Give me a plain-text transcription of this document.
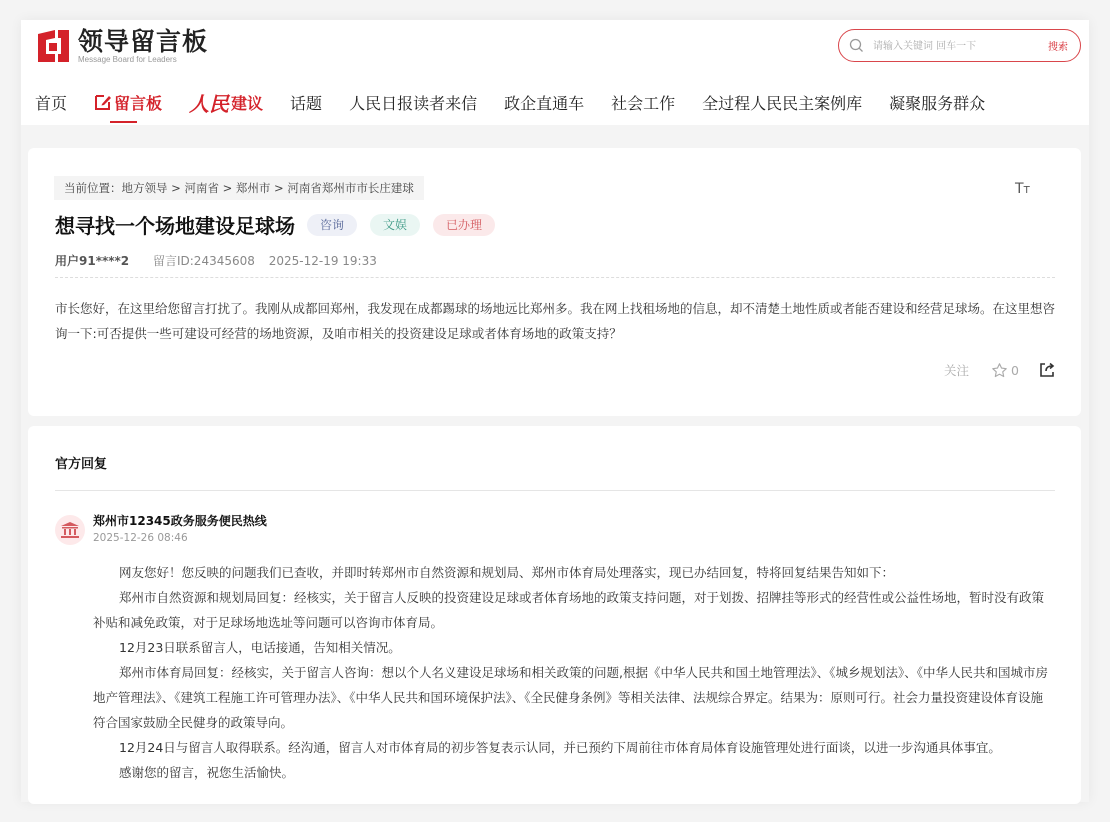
领导留言板
Message Board for Leaders
请输入关键词 回车一下
搜索
首页	留言板 人民 建议 话题 人民日报读者来信 政企直通车 社会工作 全过程人民民主案例库 凝聚服务群众
当前位置：地方领导 > 河南省 > 郑州市 > 河南省郑州市市长庄建球	TT
想寻找一个场地建设足球场	咨询	文娱	已办理
用户91****2 留言ID:24345608 2025-12-19 19:33
市长您好，在这里给您留言打扰了。我刚从成都回郑州，我发现在成都踢球的场地远比郑州多。我在网上找租场地的信息，却不清楚土地性质或者能否建设和经营足球场。在这里想咨询一下:可否提供一些可建设可经营的场地资源，及咱市相关的投资建设足球或者体育场地的政策支持？
关注	0
官方回复
郑州市12345政务服务便民热线
2025-12-26 08:46

网友您好！您反映的问题我们已查收，并即时转郑州市自然资源和规划局、郑州市体育局处理落实，现已办结回复，特将回复结果告知如下：

郑州市自然资源和规划局回复：经核实，关于留言人反映的投资建设足球或者体育场地的政策支持问题，对于划拨、招牌挂等形式的经营性或公益性场地，暂时没有政策补贴和减免政策，对于足球场地选址等问题可以咨询市体育局。

12月23日联系留言人，电话接通，告知相关情况。

郑州市体育局回复：经核实，关于留言人咨询：想以个人名义建设足球场和相关政策的问题,根据《中华人民共和国土地管理法》、《城乡规划法》、《中华人民共和国城市房地产管理法》、《建筑工程施工许可管理办法》、《中华人民共和国环境保护法》、《全民健身条例》等相关法律、法规综合界定。结果为：原则可行。社会力量投资建设体育设施符合国家鼓励全民健身的政策导向。

12月24日与留言人取得联系。经沟通，留言人对市体育局的初步答复表示认同，并已预约下周前往市体育局体育设施管理处进行面谈，以进一步沟通具体事宜。

感谢您的留言，祝您生活愉快。
